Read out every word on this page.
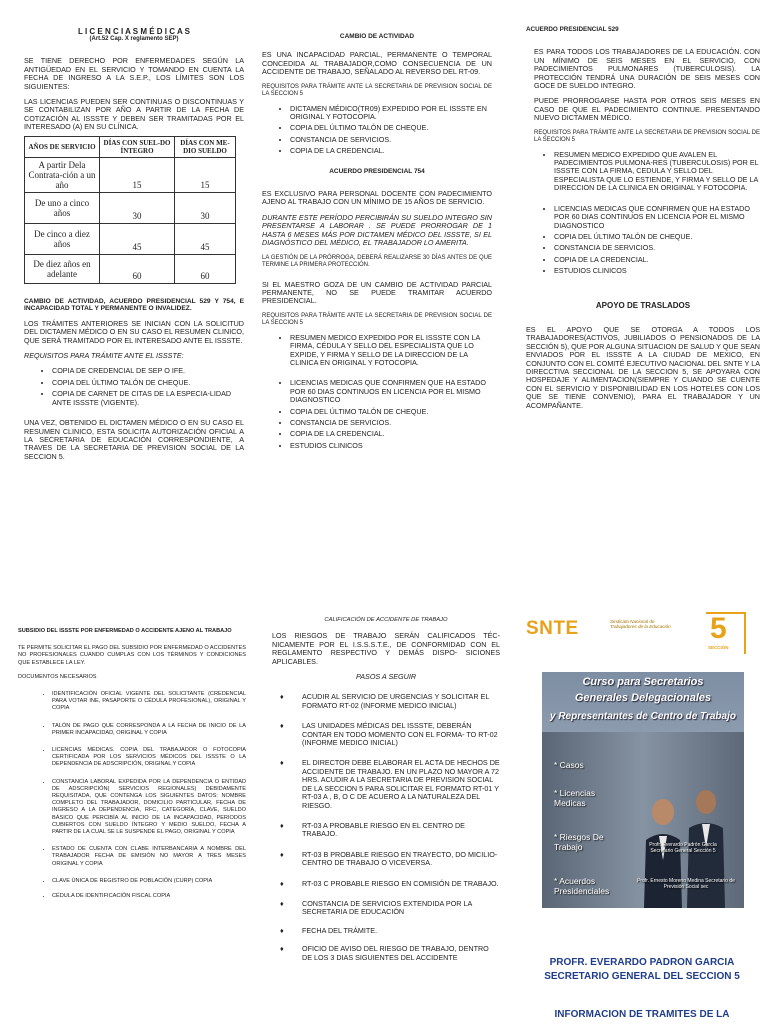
L I C E N C I A S M É D I C A S
(Art.52 Cap. X reglamento SEP)

SE TIENE DERECHO POR ENFERMEDADES SEGÚN LA ANTIGÜEDAD EN EL SERVICIO Y TOMANDO EN CUENTA LA FECHA DE INGRESO A LA S.E.P., LOS LÍMITES SON LOS SIGUIENTES:

LAS LICENCIAS PUEDEN SER CONTINUAS O DISCONTINUAS Y SE CONTABILIZAN POR AÑO A PARTIR DE LA FECHA DE COTIZACIÓN AL ISSSTE Y DEBEN SER TRAMITADAS POR EL INTERESADO (A) EN SU CLÍNICA.

AÑOS DE SERVICIO	DÍAS CON SUEL-DO ÍNTEGRO	DÍAS CON ME-DIO SUELDO
A partir Dela Contrata-ción a un año	15	15
De uno a cinco años	30	30
De cinco a diez años	45	45
De diez años en adelante	60	60

CAMBIO DE ACTIVIDAD, ACUERDO PRESIDENCIAL 529 Y 754, E INCAPACIDAD TOTAL Y PERMANENTE O INVALIDEZ.

LOS TRÁMITES ANTERIORES SE INICIAN CON LA SOLICITUD DEL DICTAMEN MÉDICO O EN SU CASO EL RESUMEN CLINICO, QUE SERÁ TRAMITADO POR EL INTERESADO ANTE EL ISSSTE.

REQUISITOS PARA TRÁMITE ANTE EL ISSSTE:

• COPIA DE CREDENCIAL DE SEP O IFE.
• COPIA DEL ÚLTIMO TALÓN DE CHEQUE.
• COPIA DE CARNET DE CITAS DE LA ESPECIA-LIDAD ANTE ISSSTE (VIGENTE).

UNA VEZ, OBTENIDO EL DICTAMEN MÉDICO O EN SU CASO EL RESUMEN CLINICO, ESTA SOLICITA AUTORIZACIÓN OFICIAL A LA SECRETARIA DE EDUCACIÓN CORRESPONDIENTE, A TRAVES DE LA SECRETARIA DE PREVISION SOCIAL DE LA SECCION 5.

CAMBIO DE ACTIVIDAD

ES UNA INCAPACIDAD PARCIAL, PERMANENTE O TEMPORAL CONCEDIDA AL TRABAJADOR,COMO CONSECUENCIA DE UN ACCIDENTE DE TRABAJO, SEÑALADO AL REVERSO DEL RT-09.

REQUISITOS PARA TRÁMITE ANTE LA SECRETARIA DE PREVISION SOCIAL DE LA SECCION 5

• DICTAMEN MÉDICO(TR09) EXPEDIDO POR EL ISSSTE EN ORIGINAL Y FOTOCOPIA.
• COPIA DEL ÚLTIMO TALÓN DE CHEQUE.
• CONSTANCIA DE SERVICIOS.
• COPIA DE LA CREDENCIAL.
ACUERDO PRESIDENCIAL 754

ES EXCLUSIVO PARA PERSONAL DOCENTE CON PADECIMIENTO AJENO AL TRABAJO CON UN MÍNIMO DE 15 AÑOS DE SERVICIO.

DURANTE ESTE PERÍODO PERCIBIRÁN SU SUELDO INTEGRO SIN PRESENTARSE A LABORAR . SE PUEDE PRORROGAR DE 1 HASTA 6 MESES MÁS POR DICTAMEN MÉDICO DEL ISSSTE, SI EL DIAGNÓSTICO DEL MÉDICO, EL TRABAJADOR LO AMERITA.

LA GESTIÓN DE LA PRÓRROGA, DEBERÁ REALIZARSE 30 DÍAS ANTES DE QUE TERMINE LA PRIMERA PROTECCIÓN.

SI EL MAESTRO GOZA DE UN CAMBIO DE ACTIVIDAD PARCIAL PERMANENTE, NO SE PUEDE TRAMITAR ACUERDO PRESIDENCIAL.

REQUISITOS PARA TRÁMITE ANTE LA SECRETARIA DE PREVISION SOCIAL DE LA SECCION 5

• RESUMEN MEDICO EXPEDIDO POR EL ISSSTE CON LA FIRMA, CÉDULA Y SELLO DEL ESPECIALISTA QUE LO EXPIDE, Y FIRMA Y SELLO DE LA DIRECCION DE LA CLINICA EN ORIGINAL Y FOTOCOPIA.
• LICENCIAS MEDICAS QUE CONFIRMEN QUE HA ESTADO POR 60 DIAS CONTINUOS EN LICENCIA POR EL MISMO DIAGNOSTICO
• COPIA DEL ÚLTIMO TALÓN DE CHEQUE.
• CONSTANCIA DE SERVICIOS.
• COPIA DE LA CREDENCIAL.
• ESTUDIOS CLINICOS
ACUERDO PRESIDENCIAL 529

ES PARA TODOS LOS TRABAJADORES DE LA EDUCACIÓN. CON UN MÍNIMO DE SEIS MESES EN EL SERVICIO, CON PADECIMIENTOS PULMONARES (TUBERCULOSIS). LA PROTECCIÓN TENDRÁ UNA DURACIÓN DE SEIS MESES CON GOCE DE SUELDO INTEGRO.

PUEDE PRORROGARSE HASTA POR OTROS SEIS MESES EN CASO DE QUE EL PADECIMIENTO CONTINUE. PRESENTANDO NUEVO DICTAMEN MÉDICO.

REQUISITOS PARA TRÁMITE ANTE LA SECRETARIA DE PREVISION SOCIAL DE LA SECCION 5

• RESUMEN MEDICO EXPEDIDO QUE AVALEN EL PADECIMIENTOS PULMONA-RES (TUBERCULOSIS) POR EL ISSSTE CON LA FIRMA, CEDULA Y SELLO DEL ESPECIALISTA QUE LO ESTIENDE, Y FIRMA Y SELLO DE LA DIRECCION DE LA CLINICA EN ORIGINAL Y FOTOCOPIA.
• LICENCIAS MEDICAS QUE CONFIRMEN QUE HA ESTADO POR 60 DIAS CONTINUOS EN LICENCIA POR EL MISMO DIAGNOSTICO
• COPIA DEL ÚLTIMO TALÓN DE CHEQUE.
• CONSTANCIA DE SERVICIOS.
• COPIA DE LA CREDENCIAL.
• ESTUDIOS CLINICOS
APOYO DE TRASLADOS

ES EL APOYO QUE SE OTORGA A TODOS LOS TRABAJADORES(ACTIVOS, JUBILIADOS O PENSIONADOS DE LA SECCIÓN 5), QUE POR ALGUNA SITUACION DE SALUD Y QUE SEAN ENVIADOS POR EL ISSSTE A LA CIUDAD DE MEXICO, EN CONJUNTO CON EL COMITÉ EJECUTIVO NACIONAL DEL SNTE Y LA DIRECCTIVA SECCIONAL DE LA SECCION 5, SE APOYARA CON HOSPEDAJE Y ALIMENTACION(SIEMPRE Y CUANDO SE CUENTE CON EL SERVICIO Y DISPONIBILIDAD EN LOS HOTELES CON LOS QUE SE TIENE CONVENIO), PARA EL TRABAJADOR Y UN ACOMPAÑANTE.

SUBSIDIO DEL ISSSTE POR ENFERMEDAD O ACCIDENTE AJENO AL TRABAJO

TE PERMITE SOLICITAR EL PAGO DEL SUBSIDIO POR ENFERMEDAD O ACCIDENTES NO PROFESIONALES CUANDO CUMPLAS CON LOS TÉRMINOS Y CONDICIONES QUE ESTABLECE LA LEY.

DOCUMENTOS NECESARIOS

• IDENTIFICACIÓN OFICIAL VIGENTE DEL SOLICITANTE (CREDENCIAL PARA VOTAR INE, PASAPORTE O CÉDULA PROFESIONAL), ORIGINAL Y COPIA
• TALÓN DE PAGO QUE CORRESPONDA A LA FECHA DE INICIO DE LA PRIMER INCAPACIDAD, ORIGINAL Y COPIA
• LICENCIAS MÉDICAS. COPIA DEL TRABAJADOR O FOTOCOPIA CERTIFICADA POR LOS SERVICIOS MÉDICOS DEL ISSSTE O LA DEPENDENCIA DE ADSCRIPCIÓN, ORIGINAL Y COPIA
• CONSTANCIA LABORAL EXPEDIDA POR LA DEPENDENCIA O ENTIDAD DE ADSCRIPCIÓN( SERVICIOS REGIONALES) DEBIDAMENTE REQUISITADA, QUE CONTENGA LOS SIGUIENTES DATOS: NOMBRE COMPLETO DEL TRABAJADOR, DOMICILIO PARTICULAR, FECHA DE INGRESO A LA DEPENDENCIA, RFC, CATEGORÍA, CLAVE, SUELDO BÁSICO QUE PERCIBÍA AL INICIO DE LA INCAPACIDAD, PERIODOS CUBIERTOS CON SUELDO ÍNTEGRO Y MEDIO SUELDO, FECHA A PARTIR DE LA CUAL SE LE SUSPENDE EL PAGO, ORIGINAL Y COPIA
• ESTADO DE CUENTA CON CLABE INTERBANCARIA A NOMBRE DEL TRABAJADOR FECHA DE EMISIÓN NO MAYOR A TRES MESES ORIGINAL Y COPIA
• CLAVE ÚNICA DE REGISTRO DE POBLACIÓN (CURP) COPIA
• CÉDULA DE IDENTIFICACIÓN FISCAL COPIA
CALIFICACIÓN DE ACCIDENTE DE TRABAJO

LOS RIESGOS DE TRABAJO SERÁN CALIFICADOS TÉC-NICAMENTE POR EL I.S.S.S.T.E., DE CONFORMIDAD CON EL REGLAMENTO RESPECTIVO Y DEMÁS DISPO- SICIONES APLICABLES.

PASOS A SEGUIR
♦ ACUDIR AL SERVICIO DE URGENCIAS Y SOLICITAR EL FORMATO RT-02 (INFORME MEDICO INICIAL)
♦ LAS UNIDADES MÉDICAS DEL ISSSTE, DEBERÁN CONTAR EN TODO MOMENTO CON EL FORMA- TO RT-02 (INFORME MEDICO INICIAL)
♦ EL DIRECTOR DEBE ELABORAR EL ACTA DE HECHOS DE ACCIDENTE DE TRABAJO. EN UN PLAZO NO MAYOR A 72 HRS. ACUDIR A LA SECRETARIA DE PREVISION SOCIAL DE LA SECCION 5 PARA SOLICITAR EL FORMATO RT-01 Y RT-03 A , B, O C DE ACUERO A LA NATURALEZA DEL RIESGO.
♦ RT-03 A PROBABLE RIESGO EN EL CENTRO DE TRABAJO.
♦ RT-03 B PROBABLE RIESGO EN TRAYECTO, DO MICILIO-CENTRO DE TRABAJO O VICEVERSA.
♦ RT-03 C PROBABLE RIESGO EN COMISIÓN DE TRABAJO.
♦ CONSTANCIA DE SERVICIOS EXTENDIDA POR LA SECRETARIA DE EDUCACIÓN
♦ FECHA DEL TRÁMITE.
♦ OFICIO DE AVISO DEL RIESGO DE TRABAJO, DENTRO DE LOS 3 DIAS SIGUIENTES DEL ACCIDENTE
SNTE	Sindicato Nacional de Trabajadores de la Educación	5
SECCIÓN
Curso para Secretarios
Generales Delegacionales
y Representantes de Centro de Trabajo
* Casos
* Licencias Medicas
* Riesgos De Trabajo
* Acuerdos Presidenciales
Profr. Everardo Padrón García Secretario General Sección 5
Profr. Ernesto Moreno Medina Secretario de Previsión Social sec
PROFR. EVERARDO PADRON GARCIA
SECRETARIO GENERAL DEL SECCION 5
INFORMACION DE TRAMITES DE LA
